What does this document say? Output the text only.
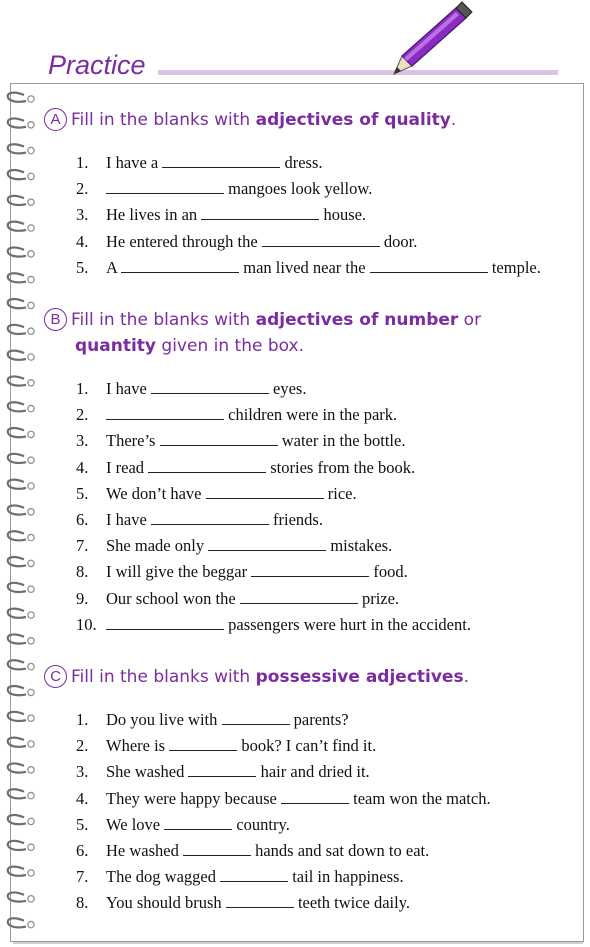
Practice
A Fill in the blanks with adjectives of quality.
1. I have a	dress.
2.	mangoes look yellow.
3. He lives in an	house.
4. He entered through the	door.
5. A	man lived near the	temple.
B Fill in the blanks with adjectives of number or
quantity given in the box.
1. I have	eyes.
2.	children were in the park.
3. There’s	water in the bottle.
4. I read	stories from the book.
5. We don’t have	rice.
6. I have	friends.
7. She made only	mistakes.
8. I will give the beggar	food.
9. Our school won the	prize.
10.	passengers were hurt in the accident.
C Fill in the blanks with possessive adjectives.
1. Do you live with	parents?
2. Where is	book? I can’t find it.
3. She washed	hair and dried it.
4. They were happy because	team won the match.
5. We love	country.
6. He washed	hands and sat down to eat.
7. The dog wagged	tail in happiness.
8. You should brush	teeth twice daily.
